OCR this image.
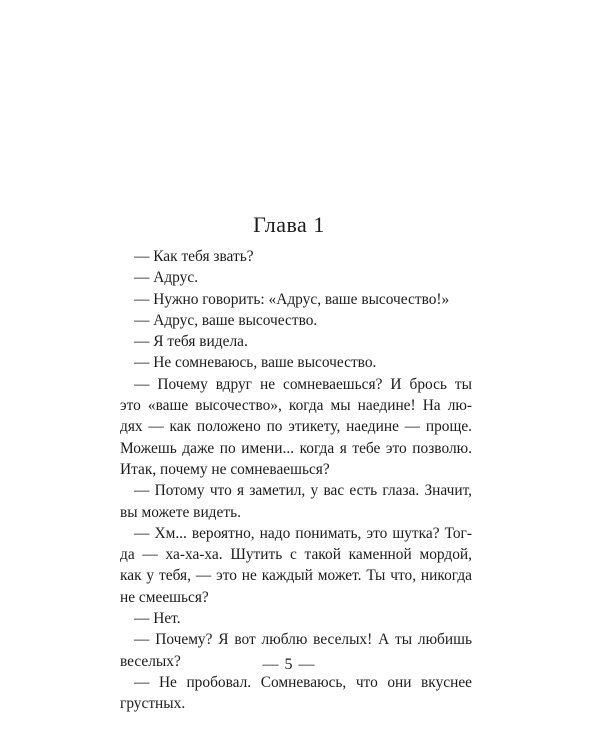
Глава 1
— Как тебя звать?
— Адрус.
— Нужно говорить: «Адрус, ваше высочество!»
— Адрус, ваше высочество.
— Я тебя видела.
— Не сомневаюсь, ваше высочество.
— Почему вдруг не сомневаешься? И брось ты
это «ваше высочество», когда мы наедине! На лю-
дях — как положено по этикету, наедине — проще.
Можешь даже по имени... когда я тебе это позволю.
Итак, почему не сомневаешься?
— Потому что я заметил, у вас есть глаза. Значит,
вы можете видеть.
— Хм... вероятно, надо понимать, это шутка? Тог-
да — ха-ха-ха. Шутить с такой каменной мордой,
как у тебя, — это не каждый может. Ты что, никогда
не смеешься?
— Нет.
— Почему? Я вот люблю веселых! А ты любишь
веселых?
— Не пробовал. Сомневаюсь, что они вкуснее
грустных.
— 5 —
